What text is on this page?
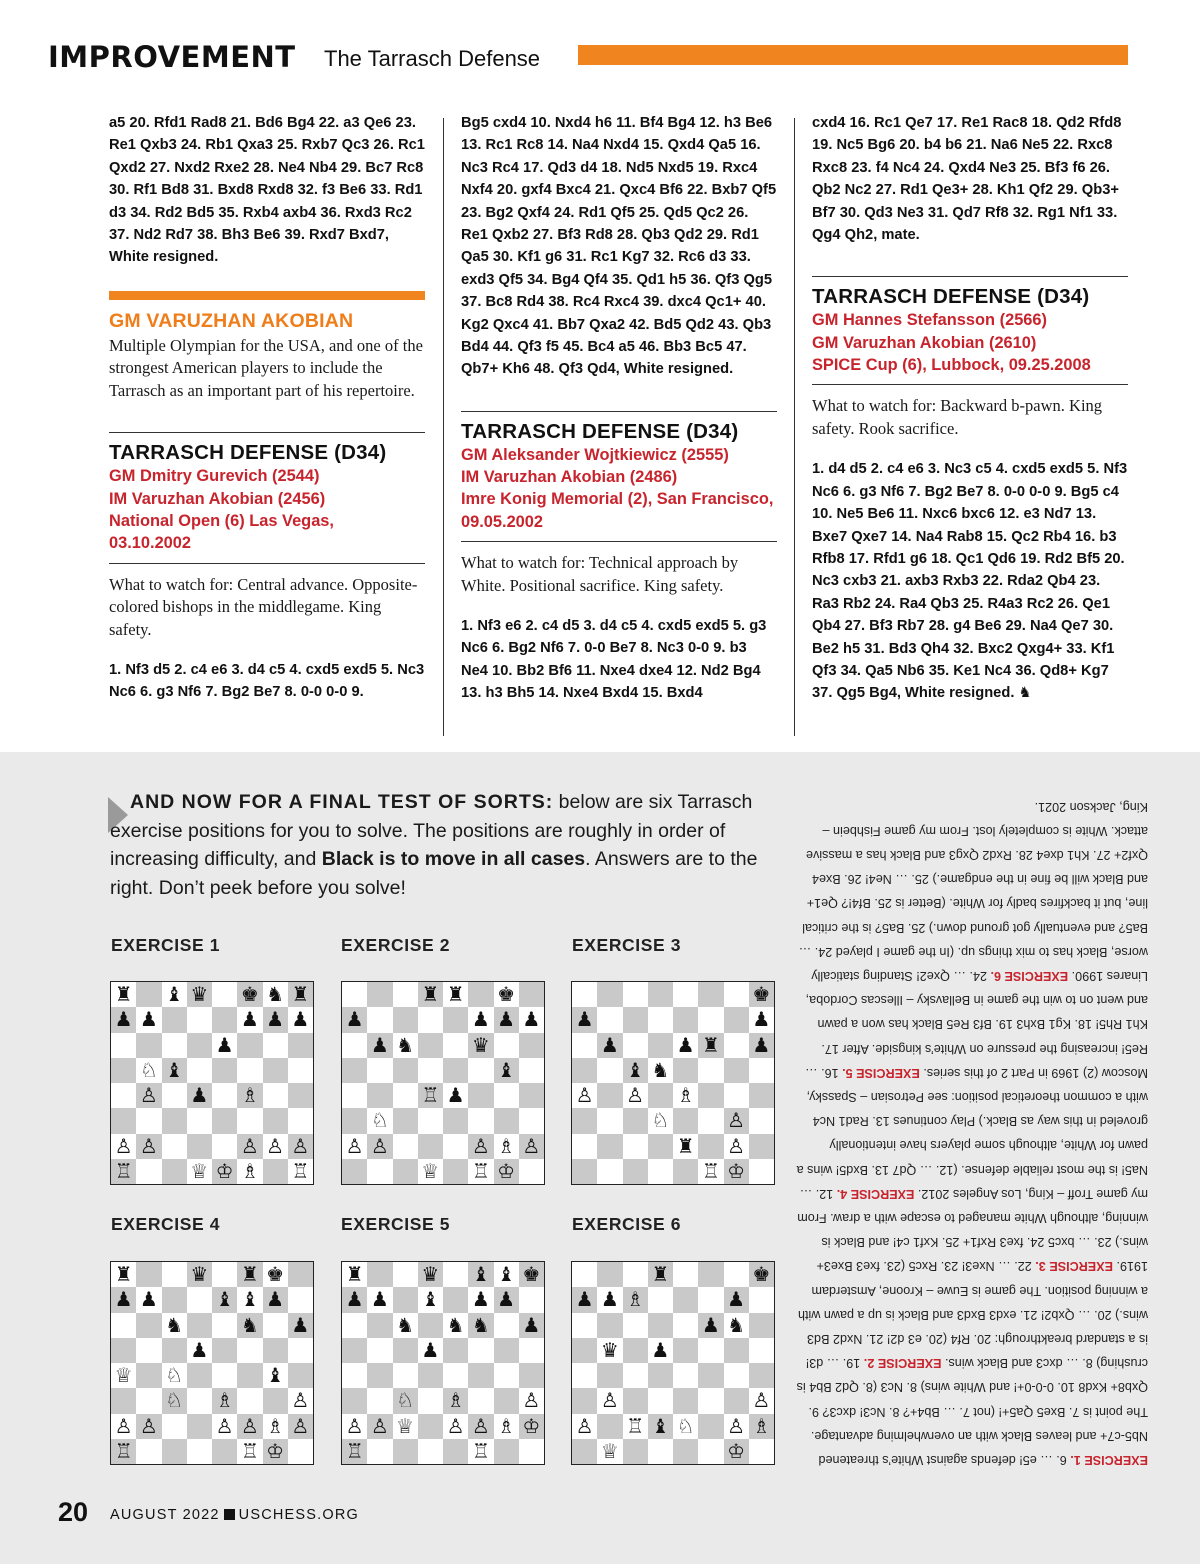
IMPROVEMENT The Tarrasch Defense

a5 20. Rfd1 Rad8 21. Bd6 Bg4 22. a3 Qe6 23. Re1 Qxb3 24. Rb1 Qxa3 25. Rxb7 Qc3 26. Rc1 Qxd2 27. Nxd2 Rxe2 28. Ne4 Nb4 29. Bc7 Rc8 30. Rf1 Bd8 31. Bxd8 Rxd8 32. f3 Be6 33. Rd1 d3 34. Rd2 Bd5 35. Rxb4 axb4 36. Rxd3 Rc2 37. Nd2 Rd7 38. Bh3 Be6 39. Rxd7 Bxd7, White resigned.

GM VARUZHAN AKOBIAN
Multiple Olympian for the USA, and one of the strongest American players to include the Tarrasch as an important part of his repertoire.
TARRASCH DEFENSE (D34)
GM Dmitry Gurevich (2544)
IM Varuzhan Akobian (2456)
National Open (6) Las Vegas, 03.10.2002
What to watch for: Central advance. Opposite-colored bishops in the middlegame. King safety.

1. Nf3 d5 2. c4 e6 3. d4 c5 4. cxd5 exd5 5. Nc3 Nc6 6. g3 Nf6 7. Bg2 Be7 8. 0-0 0-0 9.

Bg5 cxd4 10. Nxd4 h6 11. Bf4 Bg4 12. h3 Be6 13. Rc1 Rc8 14. Na4 Nxd4 15. Qxd4 Qa5 16. Nc3 Rc4 17. Qd3 d4 18. Nd5 Nxd5 19. Rxc4 Nxf4 20. gxf4 Bxc4 21. Qxc4 Bf6 22. Bxb7 Qf5 23. Bg2 Qxf4 24. Rd1 Qf5 25. Qd5 Qc2 26. Re1 Qxb2 27. Bf3 Rd8 28. Qb3 Qd2 29. Rd1 Qa5 30. Kf1 g6 31. Rc1 Kg7 32. Rc6 d3 33. exd3 Qf5 34. Bg4 Qf4 35. Qd1 h5 36. Qf3 Qg5 37. Bc8 Rd4 38. Rc4 Rxc4 39. dxc4 Qc1+ 40. Kg2 Qxc4 41. Bb7 Qxa2 42. Bd5 Qd2 43. Qb3 Bd4 44. Qf3 f5 45. Bc4 a5 46. Bb3 Bc5 47. Qb7+ Kh6 48. Qf3 Qd4, White resigned.

TARRASCH DEFENSE (D34)
GM Aleksander Wojtkiewicz (2555)
IM Varuzhan Akobian (2486)
Imre Konig Memorial (2), San Francisco, 09.05.2002
What to watch for: Technical approach by White. Positional sacrifice. King safety.

1. Nf3 e6 2. c4 d5 3. d4 c5 4. cxd5 exd5 5. g3 Nc6 6. Bg2 Nf6 7. 0-0 Be7 8. Nc3 0-0 9. b3 Ne4 10. Bb2 Bf6 11. Nxe4 dxe4 12. Nd2 Bg4 13. h3 Bh5 14. Nxe4 Bxd4 15. Bxd4

cxd4 16. Rc1 Qe7 17. Re1 Rac8 18. Qd2 Rfd8 19. Nc5 Bg6 20. b4 b6 21. Na6 Ne5 22. Rxc8 Rxc8 23. f4 Nc4 24. Qxd4 Ne3 25. Bf3 f6 26. Qb2 Nc2 27. Rd1 Qe3+ 28. Kh1 Qf2 29. Qb3+ Bf7 30. Qd3 Ne3 31. Qd7 Rf8 32. Rg1 Nf1 33. Qg4 Qh2, mate.

TARRASCH DEFENSE (D34)
GM Hannes Stefansson (2566)
GM Varuzhan Akobian (2610)
SPICE Cup (6), Lubbock, 09.25.2008
What to watch for: Backward b-pawn. King safety. Rook sacrifice.

1. d4 d5 2. c4 e6 3. Nc3 c5 4. cxd5 exd5 5. Nf3 Nc6 6. g3 Nf6 7. Bg2 Be7 8. 0-0 0-0 9. Bg5 c4 10. Ne5 Be6 11. Nxc6 bxc6 12. e3 Nd7 13. Bxe7 Qxe7 14. Na4 Rab8 15. Qc2 Rb4 16. b3 Rfb8 17. Rfd1 g6 18. Qc1 Qd6 19. Rd2 Bf5 20. Nc3 cxb3 21. axb3 Rxb3 22. Rda2 Qb4 23. Ra3 Rb2 24. Ra4 Qb3 25. R4a3 Rc2 26. Qe1 Qb4 27. Bf3 Rb7 28. g4 Be6 29. Na4 Qe7 30. Be2 h5 31. Bd3 Qh4 32. Bxc2 Qxg4+ 33. Kf1 Qf3 34. Qa5 Nb6 35. Ke1 Nc4 36. Qd8+ Kg7 37. Qg5 Bg4, White resigned. ♞

AND NOW FOR A FINAL TEST OF SORTS: below are six Tarrasch exercise positions for you to solve. The positions are roughly in order of increasing difficulty, and Black is to move in all cases. Answers are to the right. Don’t peek before you solve!
EXERCISE 1	EXERCISE 2	EXERCISE 3
EXERCISE 4	EXERCISE 5	EXERCISE 6
♜ ♝ ♛ ♚ ♞ ♜
♟ ♟	♟ ♟ ♟
♟
♘ ♝
♙ ♟ ♗
♙ ♙	♙ ♙ ♙
♖	♕ ♔ ♗ ♖
♜ ♜ ♚
♟	♟ ♟ ♟
♟ ♞	♛
♝
♖ ♟
♘
♙ ♙	♙ ♗ ♙
♕ ♖ ♔
♚
♟	♟
♟	♟ ♜ ♟
♝ ♞
♙ ♙ ♗
♘	♙
♜ ♙
♖ ♔
♜	♛ ♜ ♚
♟ ♟	♝ ♝ ♟
♞	♞ ♟
♟
♕ ♘	♝
♘ ♗	♙
♙ ♙	♙ ♙ ♗ ♙
♖	♖ ♔
♜	♛ ♝ ♝ ♚
♟ ♟ ♝ ♟ ♟
♞ ♞ ♞ ♟
♟
♘ ♗	♙
♙ ♙ ♕ ♙ ♙ ♗ ♔
♖	♖
♜	♚
♟ ♟ ♗	♟
♟ ♞
♛ ♟
♙	♙
♙ ♖ ♝ ♘ ♙ ♗
♕	♔	EXERCISE 1. 6. … e5! defends against White’s threatened Nb5-c7+ and leaves Black with an overwhelming advantage. The point is 7. Bxe5 Qa5+! (not 7. … Bb4+? 8. Nc3! dxc3? 9. Qxb8+ Kxd8 10. 0-0-0+! and White wins) 8. Nc3 (8. Qd2 Bb4 is crushing) 8. … dxc3 and Black wins. EXERCISE 2. 19. … d3! is a standard breakthrough: 20. Rf4 (20. e3 d2! 21. Nxd2 Bd3 wins.) 20. … Qxb2! 21. exd3 Bxd3 and Black is up a pawn with a winning position. The game is Euwe – Kroone, Amsterdam 1919. EXERCISE 3. 22. … Nxe3! 23. Rxc5 (23. fxe3 Bxe3+ wins.) 23. … bxc5 24. fxe3 Rxf1+ 25. Kxf1 c4! and Black is winning, although White managed to escape with a draw. From my game Troff – King, Los Angeles 2012. EXERCISE 4. 12. … Na5! is the most reliable defense. (12. … Qd7 13. Bxd5! wins a pawn for White, although some players have intentionally groveled in this way as Black.) Play continues 13. Rad1 Nc4 with a common theoretical position: see Petrosian – Spassky, Moscow (2) 1969 in Part 2 of this series. EXERCISE 5. 16. … Re5! increasing the pressure on White’s kingside. After 17. Kh1 Rh5! 18. Kg1 Bxh3 19. Bf3 Re5 Black has won a pawn and went on to win the game in Bellavsky – Illescas Cordoba, Linares 1990. EXERCISE 6. 24. … Qxe2! Standing statically worse, Black has to mix things up. (In the game I played 24. … Ba5? and eventually got ground down.) 25. Ba5? is the critical line, but it backfires badly for White. (Better is 25. Bf4!? Qe1+ and Black will be fine in the endgame.) 25. … Ne4! 26. Bxe4 Qxf2+ 27. Kh1 dxe4 28. Rxd2 Qxg3 and Black has a massive attack. White is completely lost. From my game Fishbein – King, Jackson 2021.
20 AUGUST 2022 USCHESS.ORG
